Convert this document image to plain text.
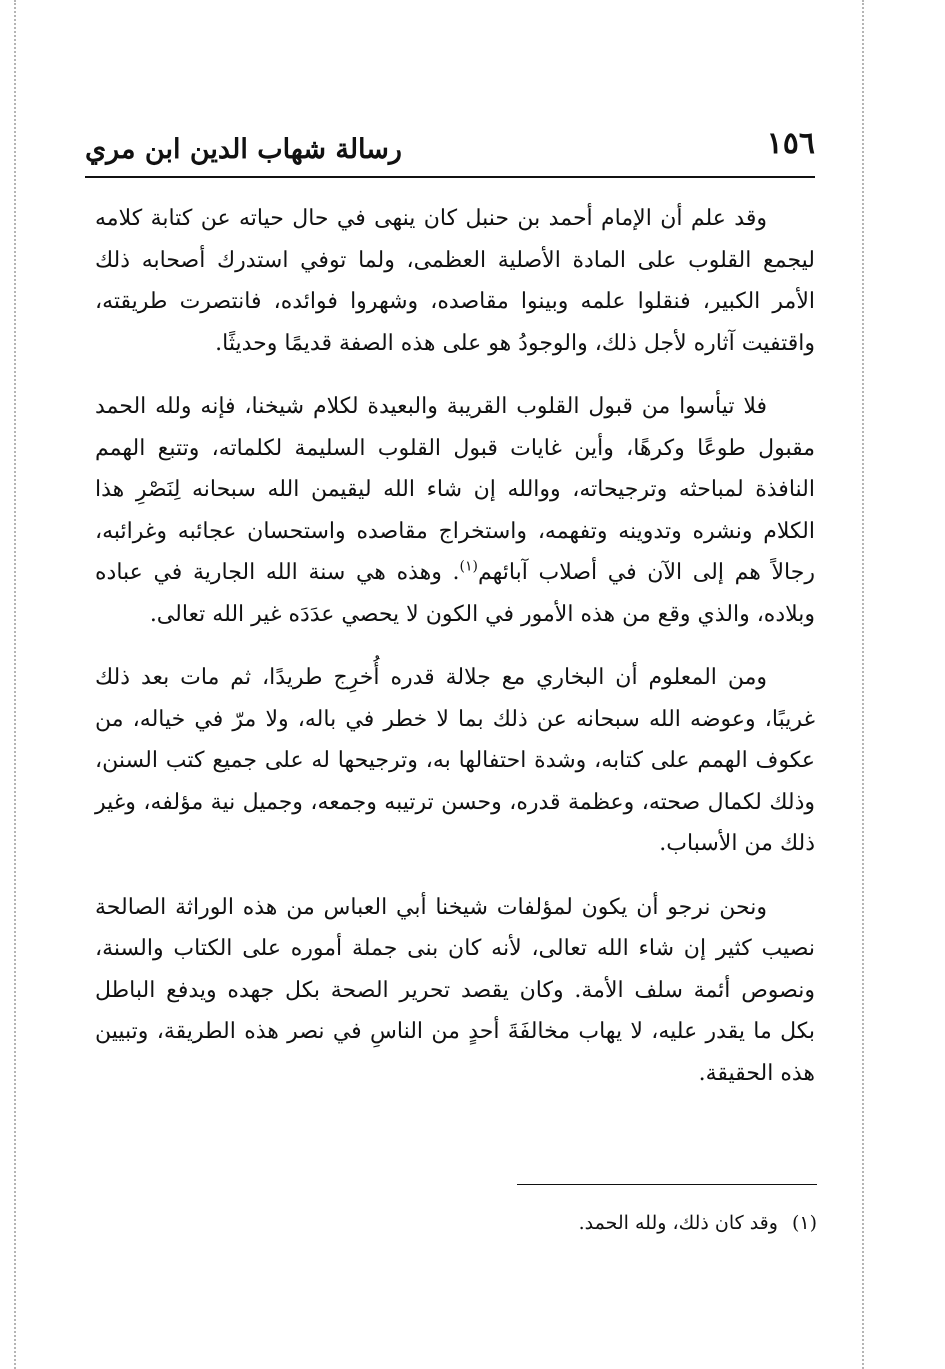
١٥٦
رسالة شهاب الدين ابن مري

وقد علم أن الإمام أحمد بن حنبل كان ينهى في حال حياته عن كتابة كلامه ليجمع القلوب على المادة الأصلية العظمى، ولما توفي استدرك أصحابه ذلك الأمر الكبير، فنقلوا علمه وبينوا مقاصده، وشهروا فوائده، فانتصرت طريقته، واقتفيت آثاره لأجل ذلك، والوجودُ هو على هذه الصفة قديمًا وحديثًا.

فلا تيأسوا من قبول القلوب القريبة والبعيدة لكلام شيخنا، فإنه ولله الحمد مقبول طوعًا وكرهًا، وأين غايات قبول القلوب السليمة لكلماته، وتتبع الهمم النافذة لمباحثه وترجيحاته، ووالله إن شاء الله ليقيمن الله سبحانه لِنَصْرِ هذا الكلام ونشره وتدوينه وتفهمه، واستخراج مقاصده واستحسان عجائبه وغرائبه، رجالاً هم إلى الآن في أصلاب آبائهم$^{(١)}$. وهذه هي سنة الله الجارية في عباده وبلاده، والذي وقع من هذه الأمور في الكون لا يحصي عدَدَه غير الله تعالى.

ومن المعلوم أن البخاري مع جلالة قدره أُخرِج طريدًا، ثم مات بعد ذلك غريبًا، وعوضه الله سبحانه عن ذلك بما لا خطر في باله، ولا مرّ في خياله، من عكوف الهمم على كتابه، وشدة احتفالها به، وترجيحها له على جميع كتب السنن، وذلك لكمال صحته، وعظمة قدره، وحسن ترتيبه وجمعه، وجميل نية مؤلفه، وغير ذلك من الأسباب.

ونحن نرجو أن يكون لمؤلفات شيخنا أبي العباس من هذه الوراثة الصالحة نصيب كثير إن شاء الله تعالى، لأنه كان بنى جملة أموره على الكتاب والسنة، ونصوص أئمة سلف الأمة. وكان يقصد تحرير الصحة بكل جهده ويدفع الباطل بكل ما يقدر عليه، لا يهاب مخالفَةَ أحدٍ من الناسِ في نصر هذه الطريقة، وتبيين هذه الحقيقة.

(١)وقد كان ذلك، ولله الحمد.
